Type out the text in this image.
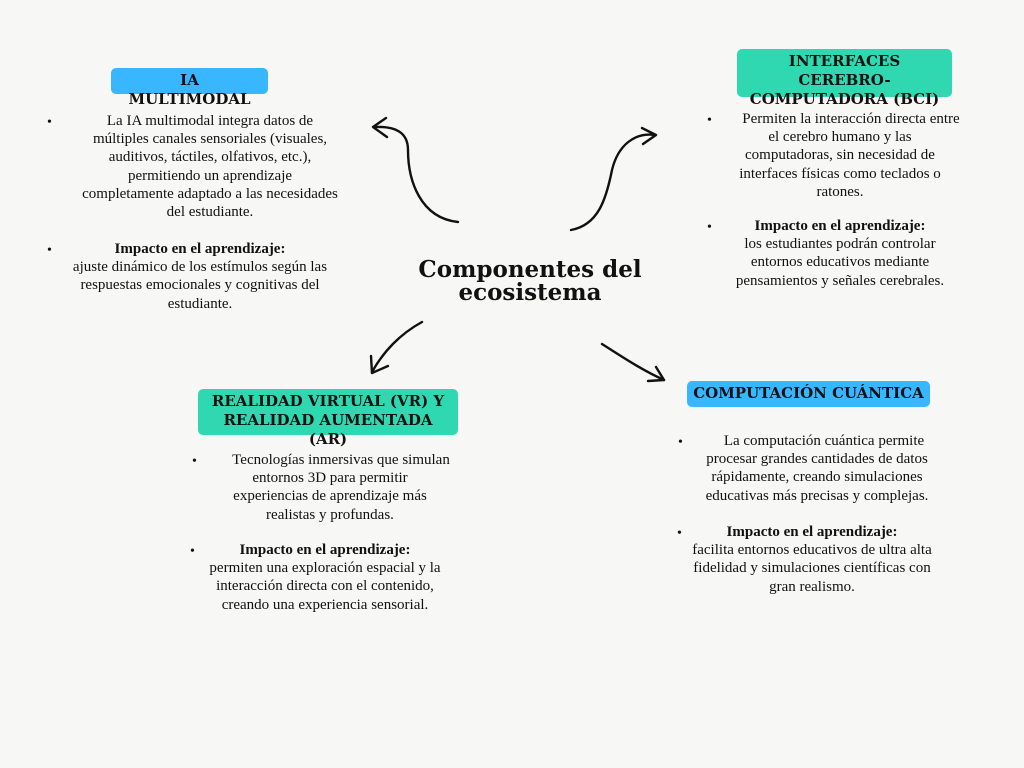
Componentes del
ecosistema
IA MULTIMODAL
•	La IA multimodal integra datos de
múltiples canales sensoriales (visuales,
auditivos, táctiles, olfativos, etc.),
permitiendo un aprendizaje
completamente adaptado a las necesidades
del estudiante.
•	Impacto en el aprendizaje:
ajuste dinámico de los estímulos según las
respuestas emocionales y cognitivas del
estudiante.
INTERFACES CEREBRO-
COMPUTADORA (BCI)
•	Permiten la interacción directa entre
el cerebro humano y las
computadoras, sin necesidad de
interfaces físicas como teclados o
ratones.
•	Impacto en el aprendizaje:
los estudiantes podrán controlar
entornos educativos mediante
pensamientos y señales cerebrales.
REALIDAD VIRTUAL (VR) Y
REALIDAD AUMENTADA (AR)
•	Tecnologías inmersivas que simulan
entornos 3D para permitir
experiencias de aprendizaje más
realistas y profundas.
•	Impacto en el aprendizaje:
permiten una exploración espacial y la
interacción directa con el contenido,
creando una experiencia sensorial.
COMPUTACIÓN CUÁNTICA
•	La computación cuántica permite
procesar grandes cantidades de datos
rápidamente, creando simulaciones
educativas más precisas y complejas.
•	Impacto en el aprendizaje:
facilita entornos educativos de ultra alta
fidelidad y simulaciones científicas con
gran realismo.
